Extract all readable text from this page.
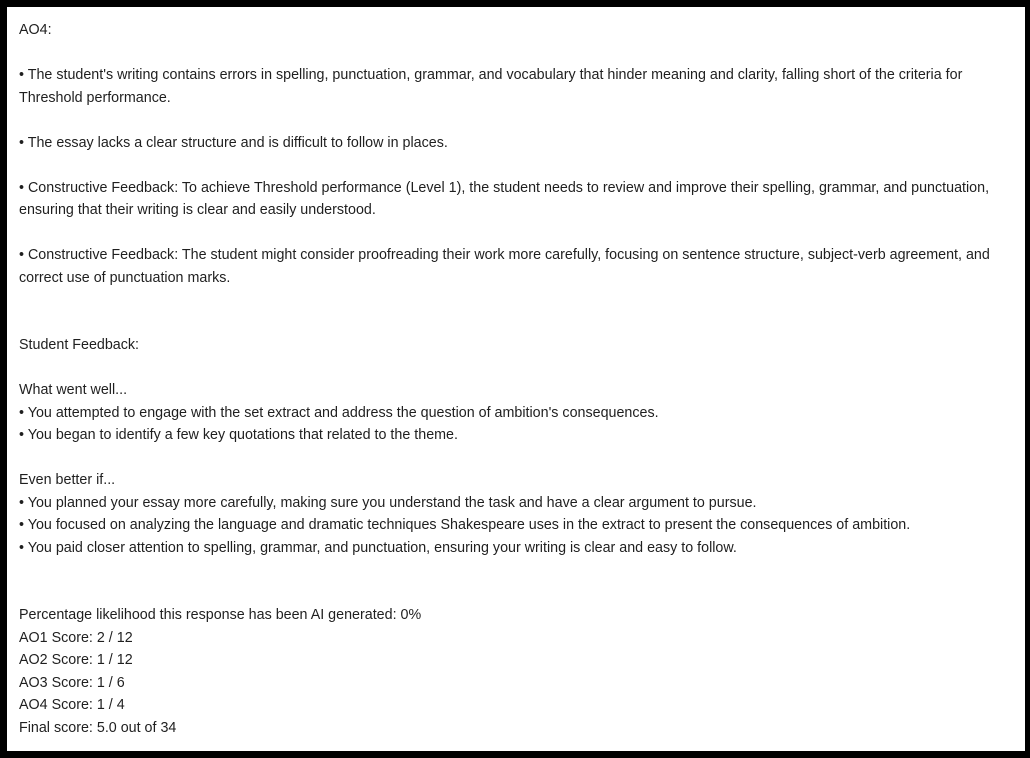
AO4:
• The student's writing contains errors in spelling, punctuation, grammar, and vocabulary that hinder meaning and clarity, falling short of the criteria for Threshold performance.
• The essay lacks a clear structure and is difficult to follow in places.
• Constructive Feedback: To achieve Threshold performance (Level 1), the student needs to review and improve their spelling, grammar, and punctuation, ensuring that their writing is clear and easily understood.
• Constructive Feedback: The student might consider proofreading their work more carefully, focusing on sentence structure, subject-verb agreement, and correct use of punctuation marks.
Student Feedback:
What went well...
• You attempted to engage with the set extract and address the question of ambition's consequences.
• You began to identify a few key quotations that related to the theme.
Even better if...
• You planned your essay more carefully, making sure you understand the task and have a clear argument to pursue.
• You focused on analyzing the language and dramatic techniques Shakespeare uses in the extract to present the consequences of ambition.
• You paid closer attention to spelling, grammar, and punctuation, ensuring your writing is clear and easy to follow.
Percentage likelihood this response has been AI generated: 0%
AO1 Score: 2 / 12
AO2 Score: 1 / 12
AO3 Score: 1 / 6
AO4 Score: 1 / 4
Final score: 5.0 out of 34
